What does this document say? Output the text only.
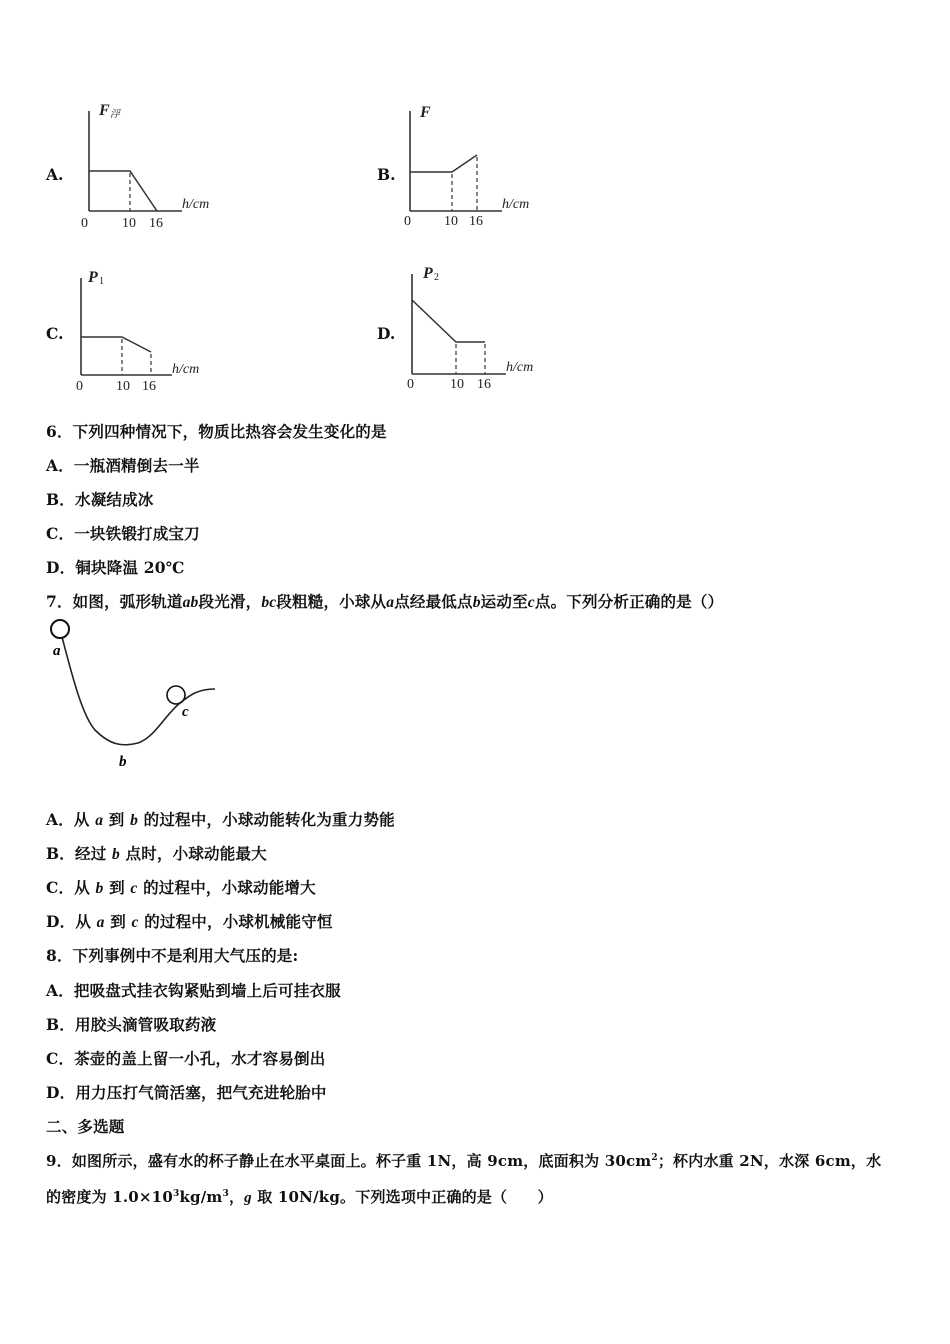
A.
F 浮
h/cm
0 10 16
B.
F
h/cm
0 10 16
C.
P 1
h/cm
0 10 16
D.
P 2
h/cm
0	10 16
6．下列四种情况下，物质比热容会发生变化的是
A．一瓶酒精倒去一半
B．水凝结成冰
C．一块铁锻打成宝刀
D．铜块降温 20℃
7．如图，弧形轨道ab段光滑，bc段粗糙，小球从a点经最低点b运动至c点。下列分析正确的是（）
a
b
c
A．从 a 到 b 的过程中，小球动能转化为重力势能
B．经过 b 点时，小球动能最大
C．从 b 到 c 的过程中，小球动能增大
D．从 a 到 c 的过程中，小球机械能守恒
8．下列事例中不是利用大气压的是:
A．把吸盘式挂衣钩紧贴到墙上后可挂衣服
B．用胶头滴管吸取药液
C．茶壶的盖上留一小孔，水才容易倒出
D．用力压打气筒活塞，把气充进轮胎中
二、多选题
9．如图所示，盛有水的杯子静止在水平桌面上。杯子重 1N，高 9cm，底面积为 $30cm^2$；杯内水重 2N，水深 6cm，水
的密度为 $1.0\times 10^3kg/m^3$，g 取 10N/kg。下列选项中正确的是（　　）
